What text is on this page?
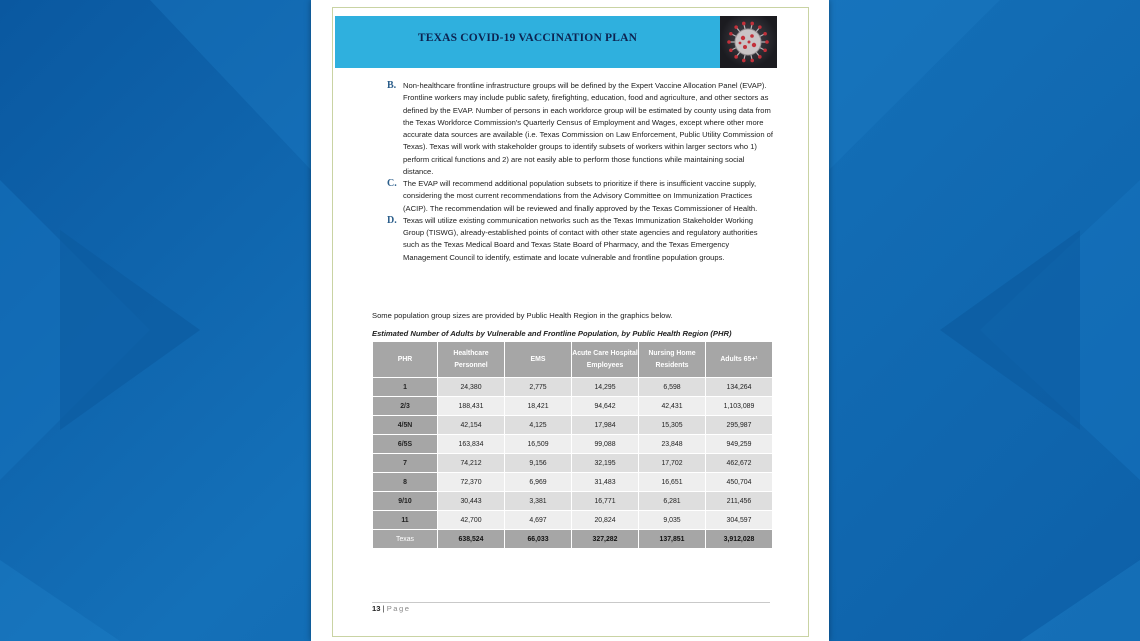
TEXAS COVID-19 VACCINATION PLAN
B. Non-healthcare frontline infrastructure groups will be defined by the Expert Vaccine Allocation Panel (EVAP). Frontline workers may include public safety, firefighting, education, food and agriculture, and other sectors as defined by the EVAP. Number of persons in each workforce group will be estimated by county using data from the Texas Workforce Commission's Quarterly Census of Employment and Wages, except where other more accurate data sources are available (i.e. Texas Commission on Law Enforcement, Public Utility Commission of Texas). Texas will work with stakeholder groups to identify subsets of workers within larger sectors who 1) perform critical functions and 2) are not easily able to perform those functions while maintaining social distance.
C. The EVAP will recommend additional population subsets to prioritize if there is insufficient vaccine supply, considering the most current recommendations from the Advisory Committee on Immunization Practices (ACIP). The recommendation will be reviewed and finally approved by the Texas Commissioner of Health.
D. Texas will utilize existing communication networks such as the Texas Immunization Stakeholder Working Group (TISWG), already-established points of contact with other state agencies and regulatory authorities such as the Texas Medical Board and Texas State Board of Pharmacy, and the Texas Emergency Management Council to identify, estimate and locate vulnerable and frontline population groups.
Some population group sizes are provided by Public Health Region in the graphics below.
Estimated Number of Adults by Vulnerable and Frontline Population, by Public Health Region (PHR)
PHR	Healthcare Personnel	EMS	Acute Care Hospital Employees	Nursing Home Residents	Adults 65+¹
1	24,380	2,775	14,295	6,598	134,264
2/3	188,431	18,421	94,642	42,431	1,103,089
4/5N	42,154	4,125	17,984	15,305	295,987
6/5S	163,834	16,509	99,088	23,848	949,259
7	74,212	9,156	32,195	17,702	462,672
8	72,370	6,969	31,483	16,651	450,704
9/10	30,443	3,381	16,771	6,281	211,456
11	42,700	4,697	20,824	9,035	304,597
Texas	638,524	66,033	327,282	137,851	3,912,028
13 | Page
